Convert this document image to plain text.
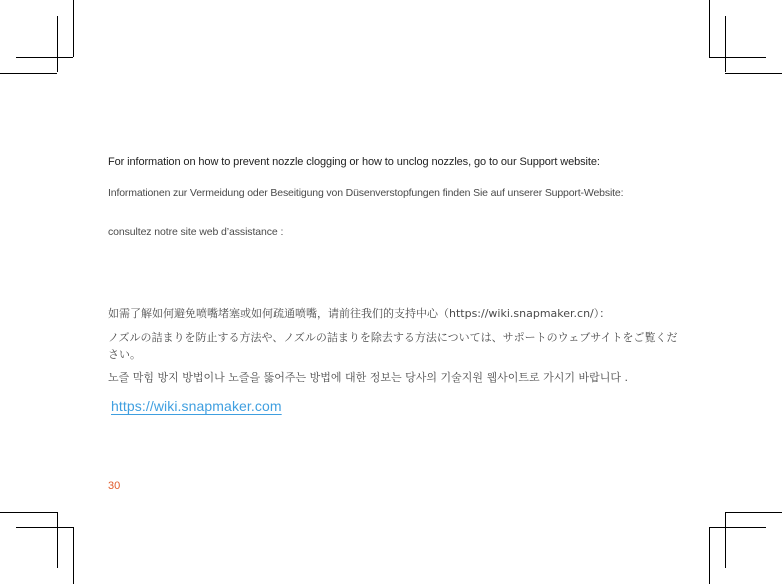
For information on how to prevent nozzle clogging or how to unclog nozzles, go to our Support website:

Informationen zur Vermeidung oder Beseitigung von Düsenverstopfungen finden Sie auf unserer Support-Website:

consultez notre site web d’assistance :

如需了解如何避免喷嘴堵塞或如何疏通喷嘴，请前往我们的支持中心（https://wiki.snapmaker.cn/）：

ノズルの詰まりを防止する方法や、ノズルの詰まりを除去する方法については、サポートのウェブサイトをご覧ください。

노즐 막힘 방지 방법이나 노즐을 뚫어주는 방법에 대한 정보는 당사의 기술지원 웹사이트로 가시기 바랍니다 .

https://wiki.snapmaker.com
30
